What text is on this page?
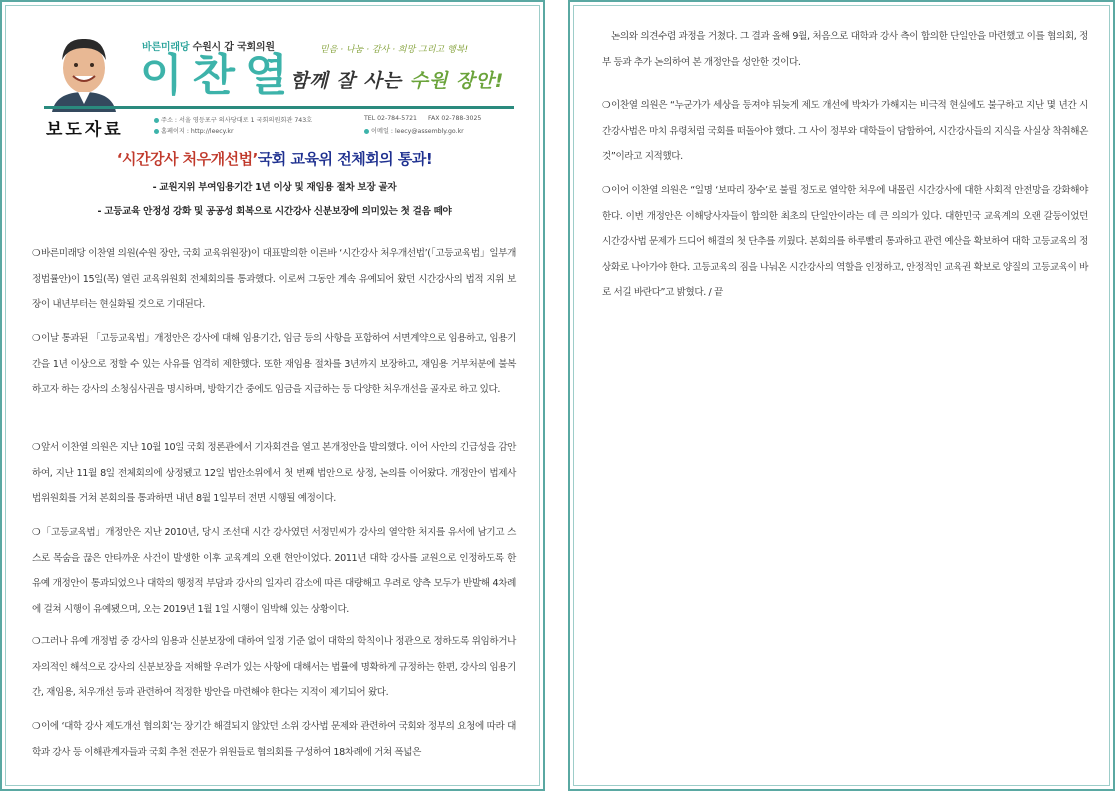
바른미래당 수원시 갑 국회의원
이찬열 믿음 · 나눔 · 감사 · 희망 그리고 행복!
함께 잘 사는 수원 장안!
보도자료	주소 : 서울 영등포구 의사당대로 1 국회의원회관 743호	TEL 02-784-5721 FAX 02-788-3025
홈페이지 : http://leecy.kr	이메일 : leecy@assembly.go.kr
‘시간강사 처우개선법’국회 교육위 전체회의 통과!
- 교원지위 부여임용기간 1년 이상 및 재임용 절차 보장 골자
- 고등교육 안정성 강화 및 공공성 회복으로 시간강사 신분보장에 의미있는 첫 걸음 떼야
❍바른미래당 이찬열 의원(수원 장안, 국회 교육위원장)이 대표발의한 이른바 ‘시간강사 처우개선법’(「고등교육법」일부개정법률안)이 15일(목) 열린 교육위원회 전체회의를 통과했다. 이로써 그동안 계속 유예되어 왔던 시간강사의 법적 지위 보장이 내년부터는 현실화될 것으로 기대된다.
❍이날 통과된 「고등교육법」개정안은 강사에 대해 임용기간, 임금 등의 사항을 포함하여 서면계약으로 임용하고, 임용기간을 1년 이상으로 정할 수 있는 사유를 엄격히 제한했다. 또한 재임용 절차를 3년까지 보장하고, 재임용 거부처분에 불복하고자 하는 강사의 소청심사권을 명시하며, 방학기간 중에도 임금을 지급하는 등 다양한 처우개선을 골자로 하고 있다.
❍앞서 이찬열 의원은 지난 10월 10일 국회 정론관에서 기자회견을 열고 본개정안을 발의했다. 이어 사안의 긴급성을 감안하여, 지난 11월 8일 전체회의에 상정됐고 12일 법안소위에서 첫 번째 법안으로 상정, 논의를 이어왔다. 개정안이 법제사법위원회를 거쳐 본회의를 통과하면 내년 8월 1일부터 전면 시행될 예정이다.
❍「고등교육법」개정안은 지난 2010년, 당시 조선대 시간 강사였던 서정민씨가 강사의 열악한 처지를 유서에 남기고 스스로 목숨을 끊은 안타까운 사건이 발생한 이후 교육계의 오랜 현안이었다. 2011년 대학 강사를 교원으로 인정하도록 한 유예 개정안이 통과되었으나 대학의 행정적 부담과 강사의 일자리 감소에 따른 대량해고 우려로 양측 모두가 반발해 4차례에 걸쳐 시행이 유예됐으며, 오는 2019년 1월 1일 시행이 임박해 있는 상황이다.
❍그러나 유예 개정법 중 강사의 임용과 신분보장에 대하여 일정 기준 없이 대학의 학칙이나 정관으로 정하도록 위임하거나 자의적인 해석으로 강사의 신분보장을 저해할 우려가 있는 사항에 대해서는 법률에 명확하게 규정하는 한편, 강사의 임용기간, 재임용, 처우개선 등과 관련하여 적정한 방안을 마련해야 한다는 지적이 제기되어 왔다.
❍이에 ‘대학 강사 제도개선 협의회’는 장기간 해결되지 않았던 소위 강사법 문제와 관련하여 국회와 정부의 요청에 따라 대학과 강사 등 이해관계자들과 국회 추천 전문가 위원들로 협의회를 구성하여 18차례에 거쳐 폭넓은
논의와 의견수렴 과정을 거쳤다. 그 결과 올해 9월, 처음으로 대학과 강사 측이 합의한 단일안을 마련했고 이를 협의회, 정부 등과 추가 논의하여 본 개정안을 성안한 것이다.
❍이찬열 의원은 “누군가가 세상을 등져야 뒤늦게 제도 개선에 박차가 가해지는 비극적 현실에도 불구하고 지난 몇 년간 시간강사법은 마치 유령처럼 국회를 떠돌아야 했다. 그 사이 정부와 대학들이 담합하여, 시간강사들의 지식을 사실상 착취해온 것”이라고 지적했다.
❍이어 이찬열 의원은 “일명 ‘보따리 장수’로 불릴 정도로 열악한 처우에 내몰린 시간강사에 대한 사회적 안전망을 강화해야 한다. 이번 개정안은 이해당사자들이 합의한 최초의 단일안이라는 데 큰 의의가 있다. 대한민국 교육계의 오랜 갈등이었던 시간강사법 문제가 드디어 해결의 첫 단추를 끼웠다. 본회의를 하루빨리 통과하고 관련 예산을 확보하여 대학 고등교육의 정상화로 나아가야 한다. 고등교육의 짐을 나눠온 시간강사의 역할을 인정하고, 안정적인 교육권 확보로 양질의 고등교육이 바로 서길 바란다”고 밝혔다. / 끝
